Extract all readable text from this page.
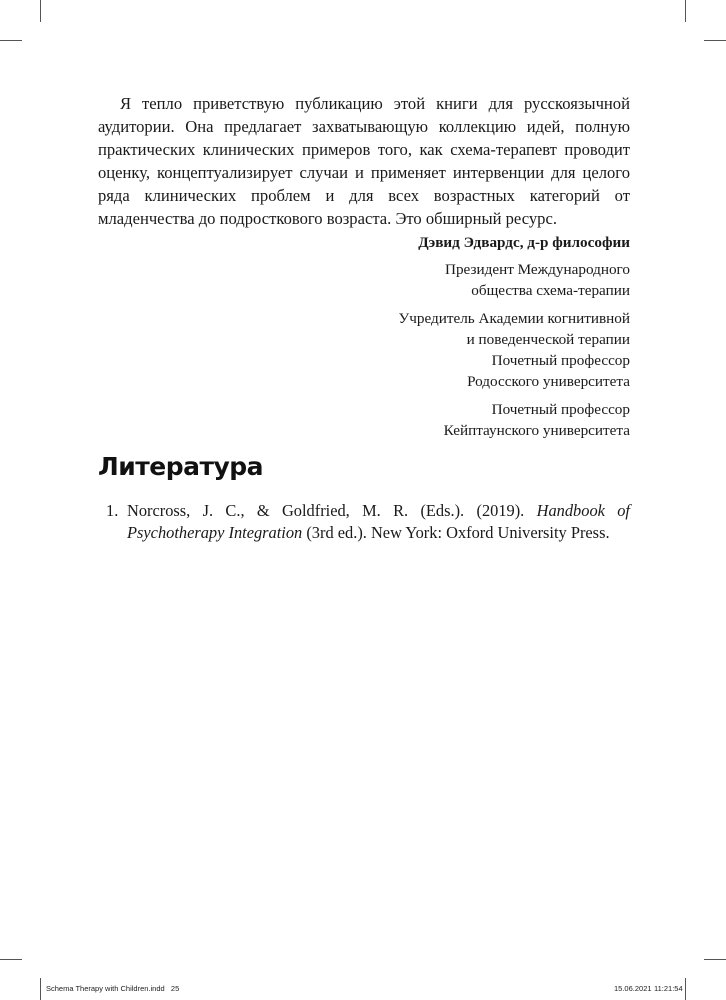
Я тепло приветствую публикацию этой книги для русскоязычной аудитории. Она предлагает захватывающую коллекцию идей, полную практических клинических примеров того, как схема-терапевт проводит оценку, концептуализирует случаи и применяет интервенции для целого ряда клинических проблем и для всех возрастных категорий от младенчества до подросткового возраста. Это обширный ресурс.

Дэвид Эдвардс, д-р философии
Президент Международного
общества схема-терапии
Учредитель Академии когнитивной
и поведенческой терапии
Почетный профессор
Родосского университета
Почетный профессор
Кейптаунского университета
Литература
1. Norcross, J. C., & Goldfried, M. R. (Eds.). (2019). Handbook of Psychotherapy Integration (3rd ed.). New York: Oxford University Press.
Schema Therapy with Children.indd   25	15.06.2021 11:21:54
